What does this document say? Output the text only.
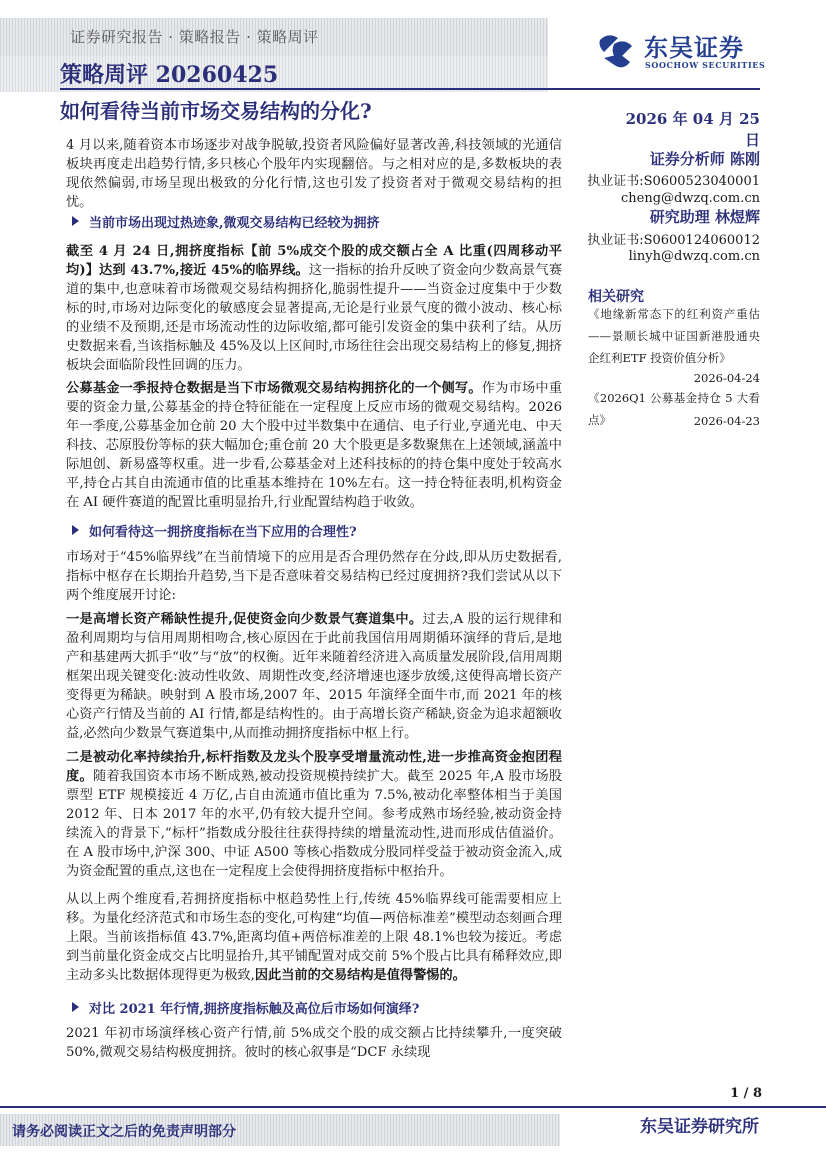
证券研究报告 · 策略报告 · 策略周评
策略周评 20260425
东吴证券
SOOCHOW SECURITIES
如何看待当前市场交易结构的分化?	2026 年 04 月 25 日
证券分析师 陈刚
执业证书:S0600523040001
cheng@dwzq.com.cn
研究助理 林煜辉
执业证书:S0600124060012
linyh@dwzq.com.cn
相关研究
《地缘新常态下的红利资产重估——景顺长城中证国新港股通央企红利ETF 投资价值分析》
2026-04-24
《2026Q1 公募基金持仓 5 大看点》	2026-04-23
4 月以来,随着资本市场逐步对战争脱敏,投资者风险偏好显著改善,科技领域的光通信板块再度走出趋势行情,多只核心个股年内实现翻倍。与之相对应的是,多数板块的表现依然偏弱,市场呈现出极致的分化行情,这也引发了投资者对于微观交易结构的担忧。
当前市场出现过热迹象,微观交易结构已经较为拥挤
截至 4 月 24 日,拥挤度指标【前 5%成交个股的成交额占全 A 比重(四周移动平均)】达到 43.7%,接近 45%的临界线。这一指标的抬升反映了资金向少数高景气赛道的集中,也意味着市场微观交易结构拥挤化,脆弱性提升——当资金过度集中于少数标的时,市场对边际变化的敏感度会显著提高,无论是行业景气度的微小波动、核心标的业绩不及预期,还是市场流动性的边际收缩,都可能引发资金的集中获利了结。从历史数据来看,当该指标触及 45%及以上区间时,市场往往会出现交易结构上的修复,拥挤板块会面临阶段性回调的压力。
公募基金一季报持仓数据是当下市场微观交易结构拥挤化的一个侧写。作为市场中重要的资金力量,公募基金的持仓特征能在一定程度上反应市场的微观交易结构。2026 年一季度,公募基金加仓前 20 大个股中过半数集中在通信、电子行业,亨通光电、中天科技、芯原股份等标的获大幅加仓;重仓前 20 大个股更是多数聚焦在上述领域,涵盖中际旭创、新易盛等权重。进一步看,公募基金对上述科技标的的持仓集中度处于较高水平,持仓占其自由流通市值的比重基本维持在 10%左右。这一持仓特征表明,机构资金在 AI 硬件赛道的配置比重明显抬升,行业配置结构趋于收敛。
如何看待这一拥挤度指标在当下应用的合理性?
市场对于“45%临界线”在当前情境下的应用是否合理仍然存在分歧,即从历史数据看,指标中枢存在长期抬升趋势,当下是否意味着交易结构已经过度拥挤?我们尝试从以下两个维度展开讨论:
一是高增长资产稀缺性提升,促使资金向少数景气赛道集中。过去,A 股的运行规律和盈利周期均与信用周期相吻合,核心原因在于此前我国信用周期循环演绎的背后,是地产和基建两大抓手“收”与“放”的权衡。近年来随着经济进入高质量发展阶段,信用周期框架出现关键变化:波动性收敛、周期性改变,经济增速也逐步放缓,这使得高增长资产变得更为稀缺。映射到 A 股市场,2007 年、2015 年演绎全面牛市,而 2021 年的核心资产行情及当前的 AI 行情,都是结构性的。由于高增长资产稀缺,资金为追求超额收益,必然向少数景气赛道集中,从而推动拥挤度指标中枢上行。
二是被动化率持续抬升,标杆指数及龙头个股享受增量流动性,进一步推高资金抱团程度。随着我国资本市场不断成熟,被动投资规模持续扩大。截至 2025 年,A 股市场股票型 ETF 规模接近 4 万亿,占自由流通市值比重为 7.5%,被动化率整体相当于美国 2012 年、日本 2017 年的水平,仍有较大提升空间。参考成熟市场经验,被动资金持续流入的背景下,“标杆”指数成分股往往获得持续的增量流动性,进而形成估值溢价。在 A 股市场中,沪深 300、中证 A500 等核心指数成分股同样受益于被动资金流入,成为资金配置的重点,这也在一定程度上会使得拥挤度指标中枢抬升。
从以上两个维度看,若拥挤度指标中枢趋势性上行,传统 45%临界线可能需要相应上移。为量化经济范式和市场生态的变化,可构建“均值—两倍标准差”模型动态刻画合理上限。当前该指标值 43.7%,距离均值+两倍标准差的上限 48.1%也较为接近。考虑到当前量化资金成交占比明显抬升,其平铺配置对成交前 5%个股占比具有稀释效应,即主动多头比数据体现得更为极致,因此当前的交易结构是值得警惕的。
对比 2021 年行情,拥挤度指标触及高位后市场如何演绎?
2021 年初市场演绎核心资产行情,前 5%成交个股的成交额占比持续攀升,一度突破 50%,微观交易结构极度拥挤。彼时的核心叙事是“DCF 永续现
1 / 8
请务必阅读正文之后的免责声明部分	东吴证券研究所
